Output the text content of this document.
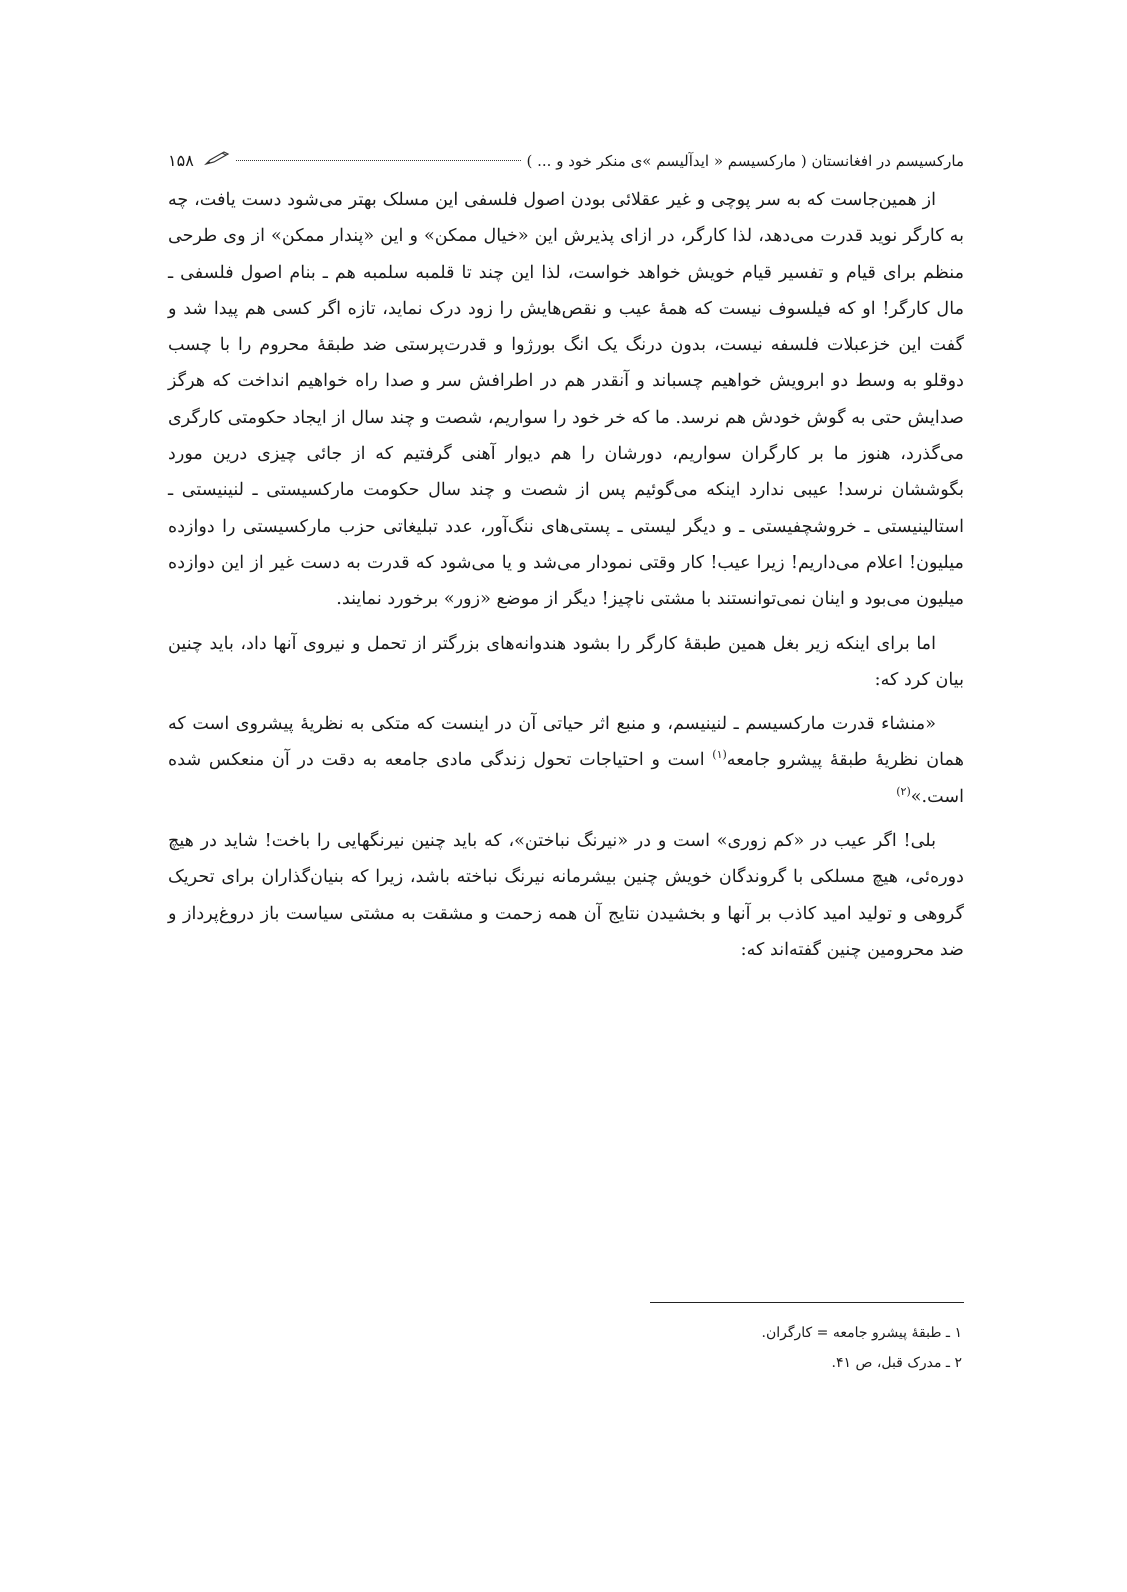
مارکسیسم در افغانستان ( مارکسیسم « ایدآلیسم »ی منکر خود و ... )
۱۵۸

از همین‌جاست که به سر پوچی و غیر عقلائی بودن اصول فلسفی این مسلک بهتر می‌شود دست یافت، چه به کارگر نوید قدرت می‌دهد، لذا کارگر، در ازای پذیرش این «خیال ممکن» و این «پندار ممکن» از وی طرحی منظم برای قیام و تفسیر قیام خویش خواهد خواست، لذا این چند تا قلمبه سلمبه هم ـ بنام اصول فلسفی ـ مال کارگر! او که فیلسوف نیست که همهٔ عیب و نقص‌هایش را زود درک نماید، تازه اگر کسی هم پیدا شد و گفت این خزعبلات فلسفه نیست، بدون درنگ یک انگ بورژوا و قدرت‌پرستی ضد طبقهٔ محروم را با چسب دوقلو به وسط دو ابرویش خواهیم چسباند و آنقدر هم در اطرافش سر و صدا راه خواهیم انداخت که هرگز صدایش حتی به گوش خودش هم نرسد. ما که خر خود را سواریم، شصت و چند سال از ایجاد حکومتی کارگری می‌گذرد، هنوز ما بر کارگران سواریم، دورشان را هم دیوار آهنی گرفتیم که از جائی چیزی درین مورد بگوششان نرسد! عیبی ندارد اینکه می‌گوئیم پس از شصت و چند سال حکومت مارکسیستی ـ لنینیستی ـ استالینیستی ـ خروشچفیستی ـ و دیگر لیستی ـ پستی‌های ننگ‌آور، عدد تبلیغاتی حزب مارکسیستی را دوازده میلیون! اعلام می‌داریم! زیرا عیب! کار وقتی نمودار می‌شد و یا می‌شود که قدرت به دست غیر از این دوازده میلیون می‌بود و اینان نمی‌توانستند با مشتی ناچیز! دیگر از موضع «زور» برخورد نمایند.

اما برای اینکه زیر بغل همین طبقهٔ کارگر را بشود هندوانه‌های بزرگتر از تحمل و نیروی آنها داد، باید چنین بیان کرد که:

«منشاء قدرت مارکسیسم ـ لنینیسم، و منبع اثر حیاتی آن در اینست که متکی به نظریهٔ پیشروی است که همان نظریهٔ طبقهٔ پیشرو جامعه$^{(۱)}$ است و احتیاجات تحول زندگی مادی جامعه به دقت در آن منعکس شده است.»$^{(۲)}$

بلی! اگر عیب در «کم زوری» است و در «نیرنگ نباختن»، که باید چنین نیرنگهایی را باخت! شاید در هیچ دوره‌ئی، هیچ مسلکی با گروندگان خویش چنین بیشرمانه نیرنگ نباخته باشد، زیرا که بنیان‌گذاران برای تحریک گروهی و تولید امید کاذب بر آنها و بخشیدن نتایج آن همه زحمت و مشقت به مشتی سیاست باز دروغ‌پرداز و ضد محرومین چنین گفته‌اند که:

۱ ـ طبقهٔ پیشرو جامعه = کارگران.
۲ ـ مدرک قبل، ص ۴۱.
